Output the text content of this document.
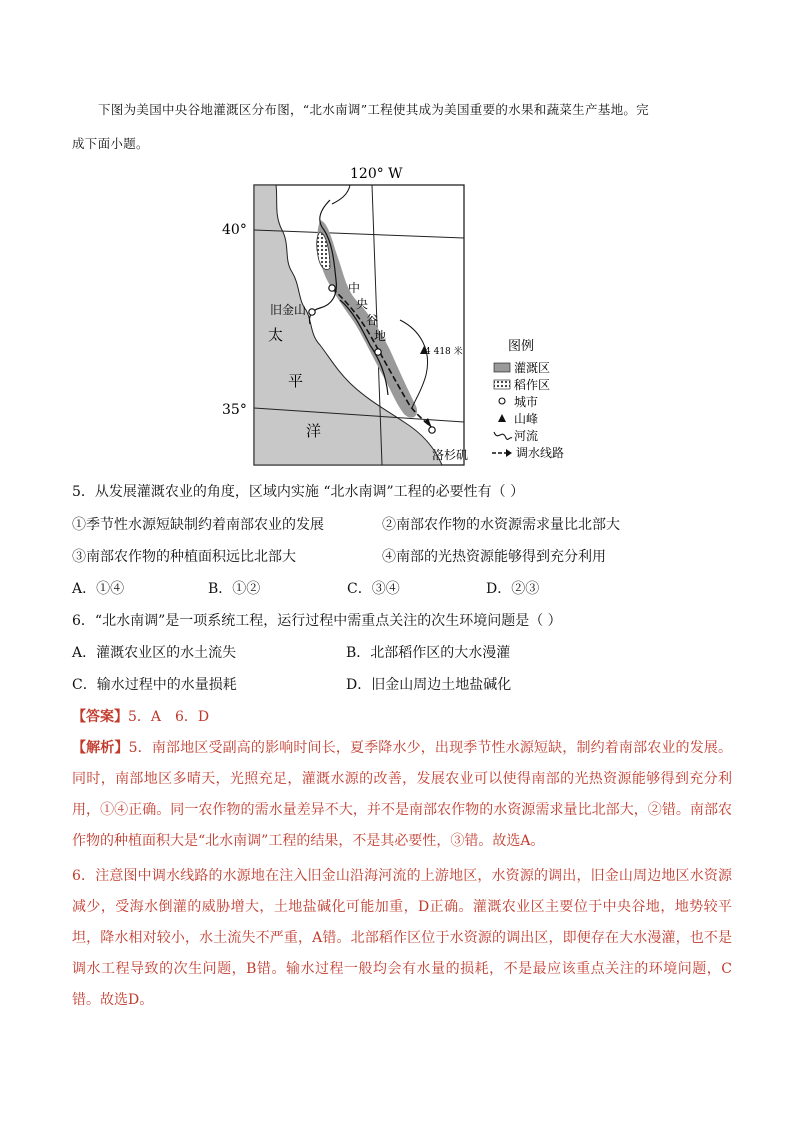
下图为美国中央谷地灌溉区分布图，“北水南调”工程使其成为美国重要的水果和蔬菜生产基地。完
成下面小题。
120° W
40°
35°
旧金山
洛杉矶
中
央
谷
地
太
平
洋
4 418 米	图例
灌溉区
稻作区
城市
山峰
河流
调水线路
5．从发展灌溉农业的角度，区域内实施 “北水南调”工程的必要性有（ ）
①季节性水源短缺制约着南部农业的发展	②南部农作物的水资源需求量比北部大
③南部农作物的种植面积远比北部大	④南部的光热资源能够得到充分利用
A．①④	B．①②	C．③④	D．②③
6．“北水南调”是一项系统工程，运行过程中需重点关注的次生环境问题是（ ）
A．灌溉农业区的水土流失	B．北部稻作区的大水漫灌
C．输水过程中的水量损耗	D．旧金山周边土地盐碱化
【答案】5．A　6．D
【解析】5．南部地区受副高的影响时间长，夏季降水少，出现季节性水源短缺，制约着南部农业的发展。同时，南部地区多晴天，光照充足，灌溉水源的改善，发展农业可以使得南部的光热资源能够得到充分利用，①④正确。同一农作物的需水量差异不大，并不是南部农作物的水资源需求量比北部大，②错。南部农作物的种植面积大是“北水南调”工程的结果，不是其必要性，③错。故选A。
6．注意图中调水线路的水源地在注入旧金山沿海河流的上游地区，水资源的调出，旧金山周边地区水资源减少，受海水倒灌的威胁增大，土地盐碱化可能加重，D正确。灌溉农业区主要位于中央谷地，地势较平坦，降水相对较小，水土流失不严重，A错。北部稻作区位于水资源的调出区，即便存在大水漫灌，也不是调水工程导致的次生问题，B错。输水过程一般均会有水量的损耗，不是最应该重点关注的环境问题，C错。故选D。
